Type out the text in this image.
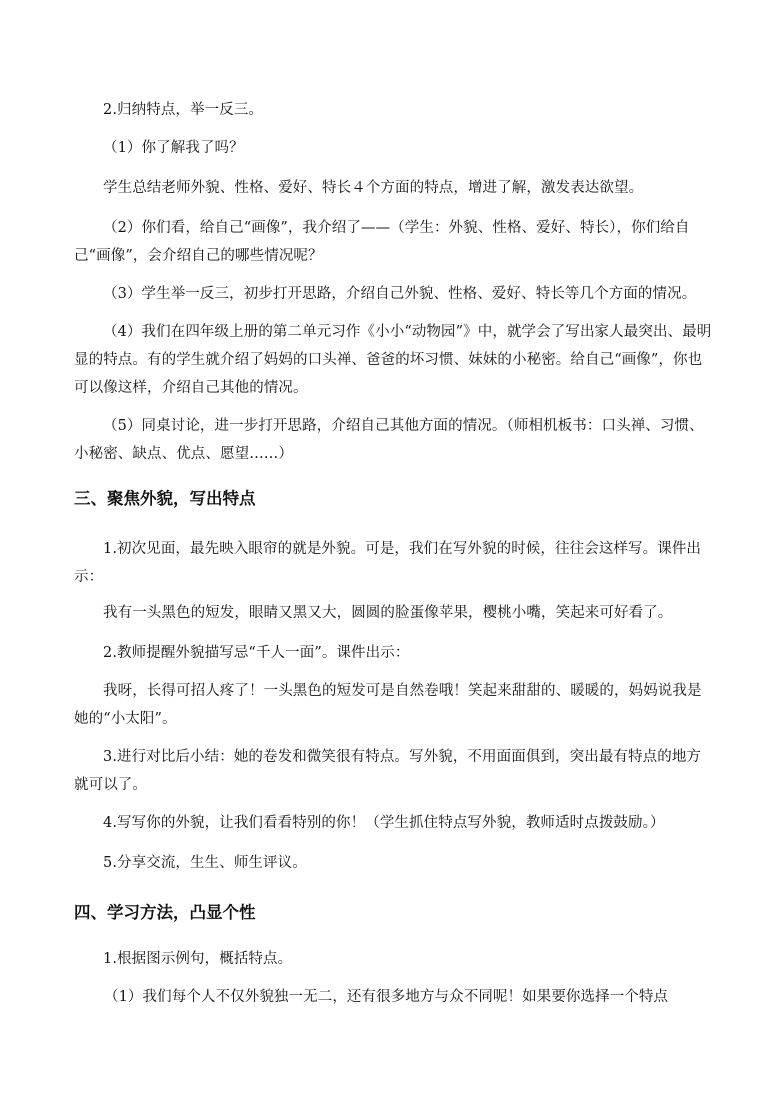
2.归纳特点，举一反三。

（1）你了解我了吗？

学生总结老师外貌、性格、爱好、特长４个方面的特点，增进了解，激发表达欲望。

（2）你们看，给自己“画像”，我介绍了——（学生：外貌、性格、爱好、特长），你们给自己“画像”，会介绍自己的哪些情况呢？

（3）学生举一反三，初步打开思路，介绍自己外貌、性格、爱好、特长等几个方面的情况。

（4）我们在四年级上册的第二单元习作《小小“动物园”》中，就学会了写出家人最突出、最明显的特点。有的学生就介绍了妈妈的口头禅、爸爸的坏习惯、妹妹的小秘密。给自己“画像”，你也可以像这样，介绍自己其他的情况。

（5）同桌讨论，进一步打开思路，介绍自己其他方面的情况。（师相机板书：口头禅、习惯、小秘密、缺点、优点、愿望……）

三、聚焦外貌，写出特点

1.初次见面，最先映入眼帘的就是外貌。可是，我们在写外貌的时候，往往会这样写。课件出示：

我有一头黑色的短发，眼睛又黑又大，圆圆的脸蛋像苹果，樱桃小嘴，笑起来可好看了。

2.教师提醒外貌描写忌“千人一面”。课件出示：

我呀，长得可招人疼了！一头黑色的短发可是自然卷哦！笑起来甜甜的、暖暖的，妈妈说我是她的“小太阳”。

3.进行对比后小结：她的卷发和微笑很有特点。写外貌，不用面面俱到，突出最有特点的地方就可以了。

4.写写你的外貌，让我们看看特别的你！（学生抓住特点写外貌，教师适时点拨鼓励。）

5.分享交流，生生、师生评议。

四、学习方法，凸显个性

1.根据图示例句，概括特点。

（1）我们每个人不仅外貌独一无二，还有很多地方与众不同呢！如果要你选择一个特点
